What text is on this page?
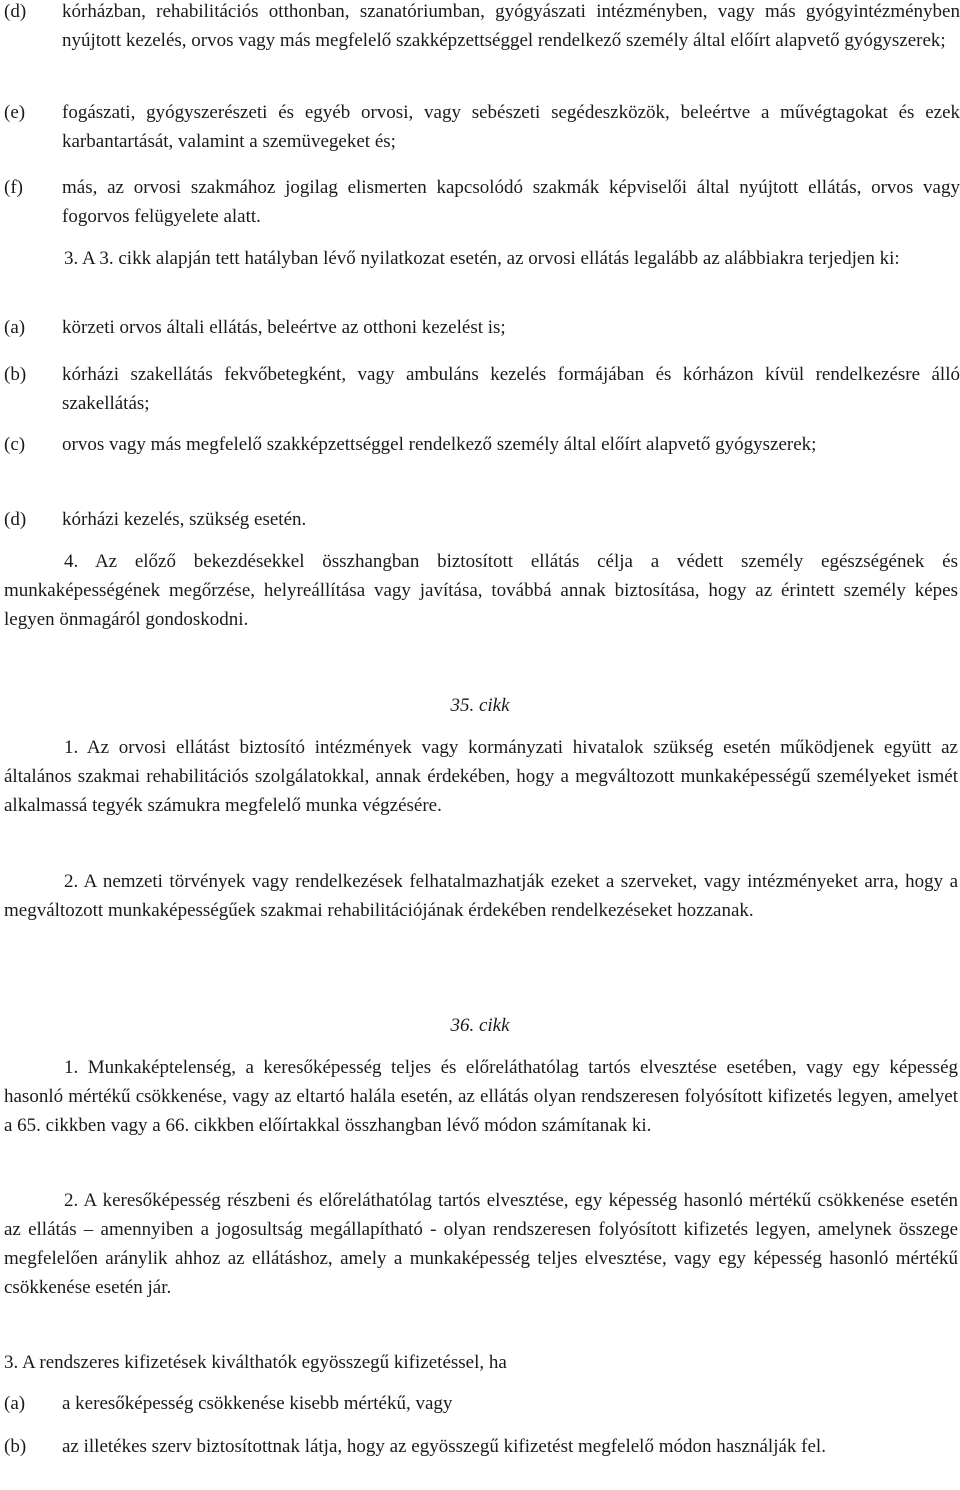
(d) kórházban, rehabilitációs otthonban, szanatóriumban, gyógyászati intézményben, vagy más gyógyintézményben nyújtott kezelés, orvos vagy más megfelelő szakképzettséggel rendelkező személy által előírt alapvető gyógyszerek;
(e) fogászati, gyógyszerészeti és egyéb orvosi, vagy sebészeti segédeszközök, beleértve a művégtagokat és ezek karbantartását, valamint a szemüvegeket és;
(f) más, az orvosi szakmához jogilag elismerten kapcsolódó szakmák képviselői által nyújtott ellátás, orvos vagy fogorvos felügyelete alatt.
3. A 3. cikk alapján tett hatályban lévő nyilatkozat esetén, az orvosi ellátás legalább az alábbiakra terjedjen ki:
(a) körzeti orvos általi ellátás, beleértve az otthoni kezelést is;
(b) kórházi szakellátás fekvőbetegként, vagy ambuláns kezelés formájában és kórházon kívül rendelkezésre álló szakellátás;
(c) orvos vagy más megfelelő szakképzettséggel rendelkező személy által előírt alapvető gyógyszerek;
(d) kórházi kezelés, szükség esetén.
4. Az előző bekezdésekkel összhangban biztosított ellátás célja a védett személy egészségének és munkaképességének megőrzése, helyreállítása vagy javítása, továbbá annak biztosítása, hogy az érintett személy képes legyen önmagáról gondoskodni.
35. cikk
1. Az orvosi ellátást biztosító intézmények vagy kormányzati hivatalok szükség esetén működjenek együtt az általános szakmai rehabilitációs szolgálatokkal, annak érdekében, hogy a megváltozott munkaképességű személyeket ismét alkalmassá tegyék számukra megfelelő munka végzésére.
2. A nemzeti törvények vagy rendelkezések felhatalmazhatják ezeket a szerveket, vagy intézményeket arra, hogy a megváltozott munkaképességűek szakmai rehabilitációjának érdekében rendelkezéseket hozzanak.
36. cikk
1. Munkaképtelenség, a keresőképesség teljes és előreláthatólag tartós elvesztése esetében, vagy egy képesség hasonló mértékű csökkenése, vagy az eltartó halála esetén, az ellátás olyan rendszeresen folyósított kifizetés legyen, amelyet a 65. cikkben vagy a 66. cikkben előírtakkal összhangban lévő módon számítanak ki.
2. A keresőképesség részbeni és előreláthatólag tartós elvesztése, egy képesség hasonló mértékű csökkenése esetén az ellátás – amennyiben a jogosultság megállapítható - olyan rendszeresen folyósított kifizetés legyen, amelynek összege megfelelően aránylik ahhoz az ellátáshoz, amely a munkaképesség teljes elvesztése, vagy egy képesség hasonló mértékű csökkenése esetén jár.
3. A rendszeres kifizetések kiválthatók egyösszegű kifizetéssel, ha
(a) a keresőképesség csökkenése kisebb mértékű, vagy
(b) az illetékes szerv biztosítottnak látja, hogy az egyösszegű kifizetést megfelelő módon használják fel.
